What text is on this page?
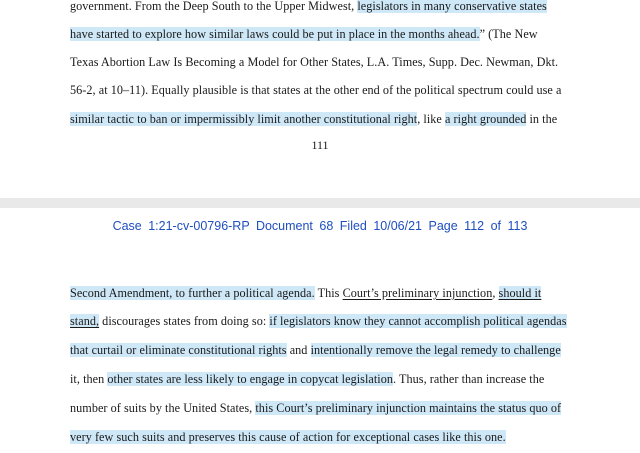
government. From the Deep South to the Upper Midwest, legislators in many conservative states
have started to explore how similar laws could be put in place in the months ahead.” (The New
Texas Abortion Law Is Becoming a Model for Other States, L.A. Times, Supp. Dec. Newman, Dkt.
56-2, at 10–11). Equally plausible is that states at the other end of the political spectrum could use a
similar tactic to ban or impermissibly limit another constitutional right, like a right grounded in the
111
Case 1:21-cv-00796-RP Document 68 Filed 10/06/21 Page 112 of 113
Second Amendment, to further a political agenda. This Court’s preliminary injunction, should it
stand, discourages states from doing so: if legislators know they cannot accomplish political agendas
that curtail or eliminate constitutional rights and intentionally remove the legal remedy to challenge
it, then other states are less likely to engage in copycat legislation. Thus, rather than increase the
number of suits by the United States, this Court’s preliminary injunction maintains the status quo of
very few such suits and preserves this cause of action for exceptional cases like this one.
